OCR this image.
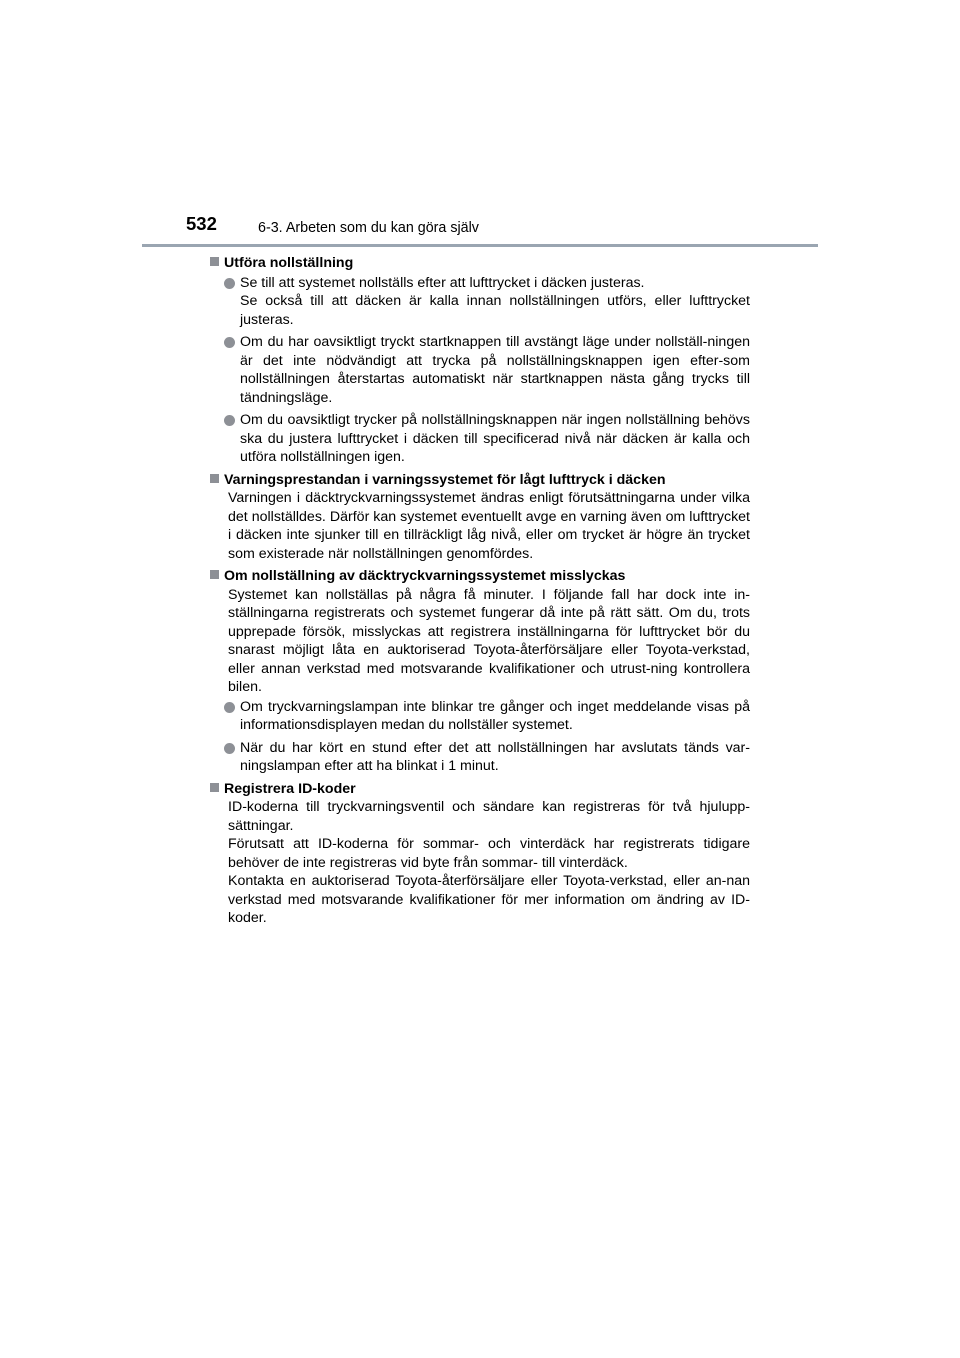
532	6-3. Arbeten som du kan göra själv
Utföra nollställning
Se till att systemet nollställs efter att lufttrycket i däcken justeras.
Se också till att däcken är kalla innan nollställningen utförs, eller lufttrycket justeras.
Om du har oavsiktligt tryckt startknappen till avstängt läge under nollställ-ningen är det inte nödvändigt att trycka på nollställningsknappen igen efter-som nollställningen återstartas automatiskt när startknappen nästa gång trycks till tändningsläge.
Om du oavsiktligt trycker på nollställningsknappen när ingen nollställning behövs ska du justera lufttrycket i däcken till specificerad nivå när däcken är kalla och utföra nollställningen igen.
Varningsprestandan i varningssystemet för lågt lufttryck i däcken
Varningen i däcktryckvarningssystemet ändras enligt förutsättningarna under vilka det nollställdes. Därför kan systemet eventuellt avge en varning även om lufttrycket i däcken inte sjunker till en tillräckligt låg nivå, eller om trycket är högre än trycket som existerade när nollställningen genomfördes.
Om nollställning av däcktryckvarningssystemet misslyckas
Systemet kan nollställas på några få minuter. I följande fall har dock inte in-ställningarna registrerats och systemet fungerar då inte på rätt sätt. Om du, trots upprepade försök, misslyckas att registrera inställningarna för lufttrycket bör du snarast möjligt låta en auktoriserad Toyota-återförsäljare eller Toyota-verkstad, eller annan verkstad med motsvarande kvalifikationer och utrust-ning kontrollera bilen.
Om tryckvarningslampan inte blinkar tre gånger och inget meddelande visas på informationsdisplayen medan du nollställer systemet.
När du har kört en stund efter det att nollställningen har avslutats tänds var-ningslampan efter att ha blinkat i 1 minut.
Registrera ID-koder
ID-koderna till tryckvarningsventil och sändare kan registreras för två hjulupp-sättningar.
Förutsatt att ID-koderna för sommar- och vinterdäck har registrerats tidigare behöver de inte registreras vid byte från sommar- till vinterdäck.
Kontakta en auktoriserad Toyota-återförsäljare eller Toyota-verkstad, eller an-nan verkstad med motsvarande kvalifikationer för mer information om ändring av ID-koder.
